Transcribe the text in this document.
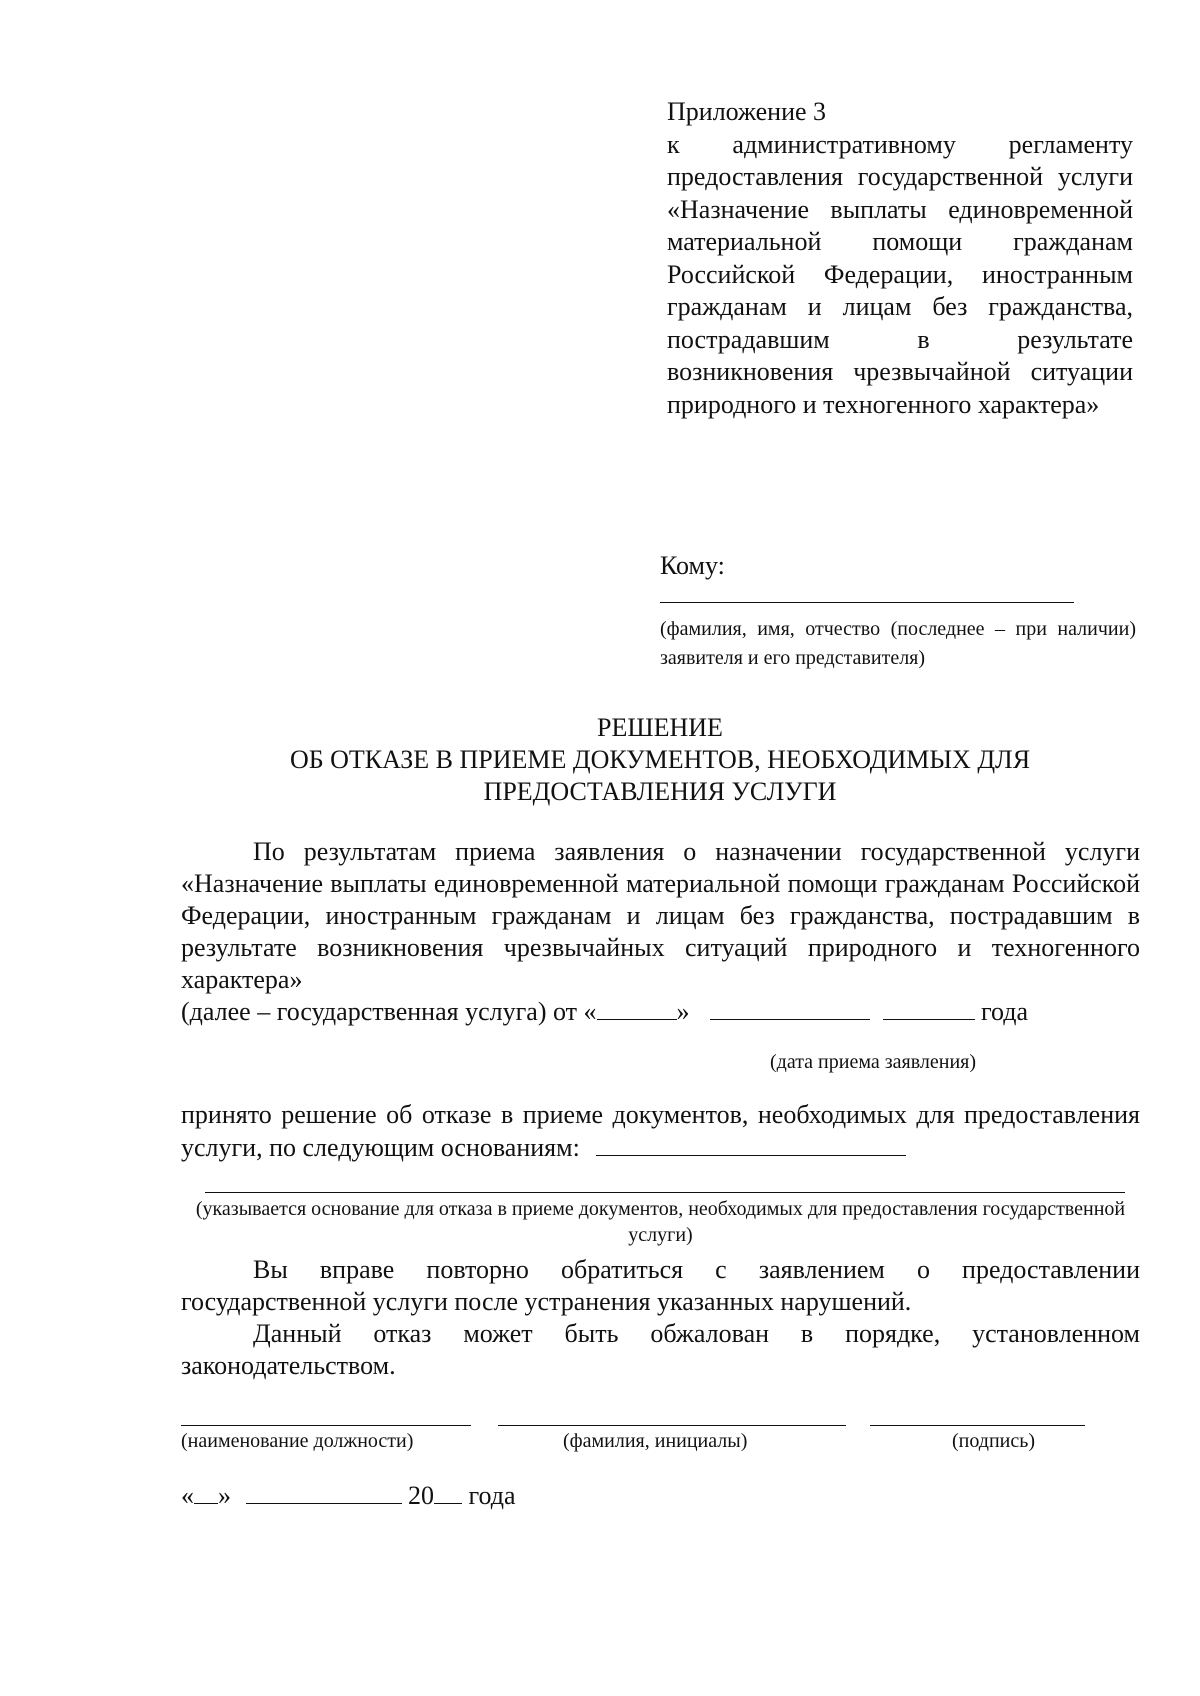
Приложение 3
к административному регламенту предоставления государственной услуги «Назначение выплаты единовременной материальной помощи гражданам Российской Федерации, иностранным гражданам и лицам без гражданства, пострадавшим в результате возникновения чрезвычайной ситуации природного и техногенного характера»
Кому:
(фамилия, имя, отчество (последнее – при наличии) заявителя и его представителя)
РЕШЕНИЕ
ОБ ОТКАЗЕ В ПРИЕМЕ ДОКУМЕНТОВ, НЕОБХОДИМЫХ ДЛЯ
ПРЕДОСТАВЛЕНИЯ УСЛУГИ

По результатам приема заявления о назначении государственной услуги «Назначение выплаты единовременной материальной помощи гражданам Российской Федерации, иностранным гражданам и лицам без гражданства, пострадавшим в результате возникновения чрезвычайных ситуаций природного и техногенного характера»

(далее – государственная услуга) от «	»	года
(дата приема заявления)
принято решение об отказе в приеме документов, необходимых для предоставления услуги, по следующим основаниям:
(указывается основание для отказа в приеме документов, необходимых для предоставления государственной услуги)

Вы вправе повторно обратиться с заявлением о предоставлении государственной услуги после устранения указанных нарушений.

Данный отказ может быть обжалован в порядке, установленном законодательством.

(наименование должности)	(фамилия, инициалы)	(подпись)
« »	20 года
